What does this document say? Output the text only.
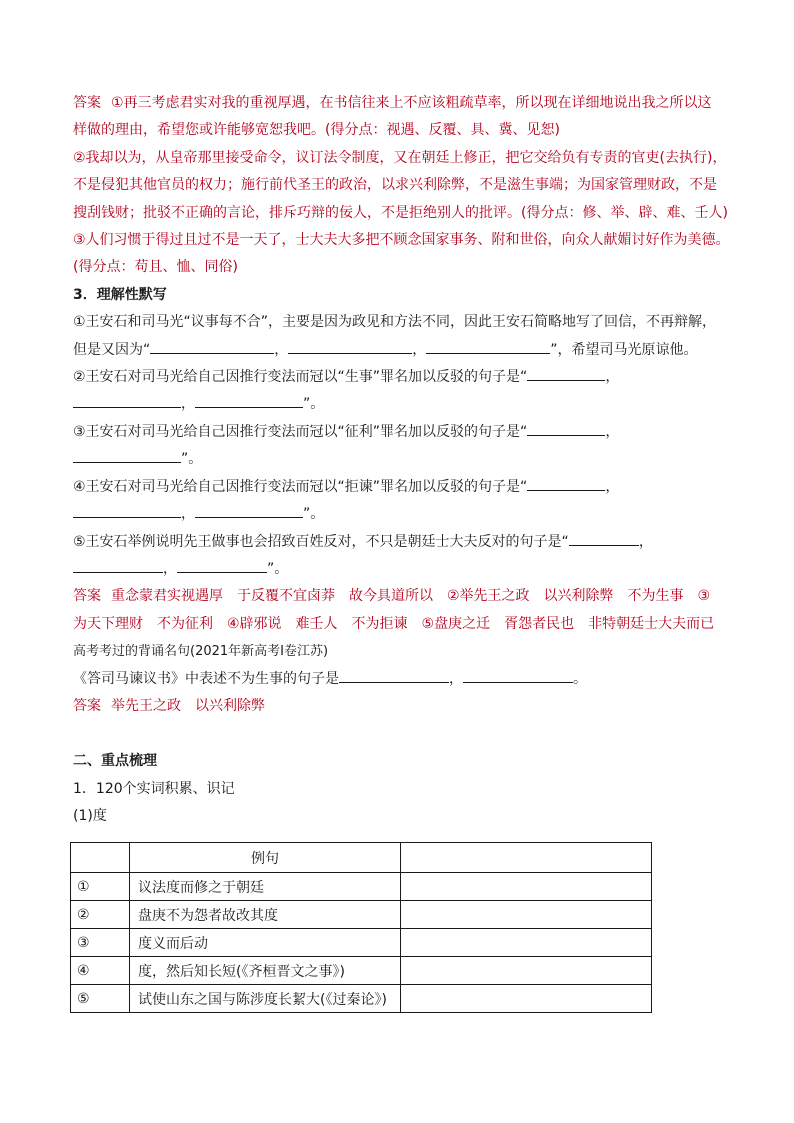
答案 ①再三考虑君实对我的重视厚遇，在书信往来上不应该粗疏草率，所以现在详细地说出我之所以这
样做的理由，希望您或许能够宽恕我吧。(得分点：视遇、反覆、具、冀、见恕)
②我却以为，从皇帝那里接受命令，议订法令制度，又在朝廷上修正，把它交给负有专责的官吏(去执行)，
不是侵犯其他官员的权力；施行前代圣王的政治，以求兴利除弊，不是滋生事端；为国家管理财政，不是
搜刮钱财；批驳不正确的言论，排斥巧辩的佞人，不是拒绝别人的批评。(得分点：修、举、辟、难、壬人)
③人们习惯于得过且过不是一天了，士大夫大多把不顾念国家事务、附和世俗，向众人献媚讨好作为美德。
(得分点：苟且、恤、同俗)
3．理解性默写
①王安石和司马光“议事每不合”，主要是因为政见和方法不同，因此王安石简略地写了回信，不再辩解，
但是又因为“	，	，	”，希望司马光原谅他。
②王安石对司马光给自己因推行变法而冠以“生事”罪名加以反驳的句子是“	，
，	”。
③王安石对司马光给自己因推行变法而冠以“征利”罪名加以反驳的句子是“	，
”。
④王安石对司马光给自己因推行变法而冠以“拒谏”罪名加以反驳的句子是“	，
，	”。
⑤王安石举例说明先王做事也会招致百姓反对，不只是朝廷士大夫反对的句子是“	，
，	”。
答案 重念蒙君实视遇厚　于反覆不宜卤莽　故今具道所以　②举先王之政　以兴利除弊　不为生事　③
为天下理财　不为征利　④辟邪说　难壬人　不为拒谏　⑤盘庚之迁　胥怨者民也　非特朝廷士大夫而已
高考考过的背诵名句(2021年新高考Ⅰ卷江苏)
《答司马谏议书》中表述不为生事的句子是	，	。
答案 举先王之政　以兴利除弊
二、重点梳理
1．120个实词积累、识记
(1)度
	例句	
①	议法度而修之于朝廷	
②	盘庚不为怨者故改其度	
③	度义而后动	
④	度，然后知长短(《齐桓晋文之事》)	
⑤	试使山东之国与陈涉度长絜大(《过秦论》)	
